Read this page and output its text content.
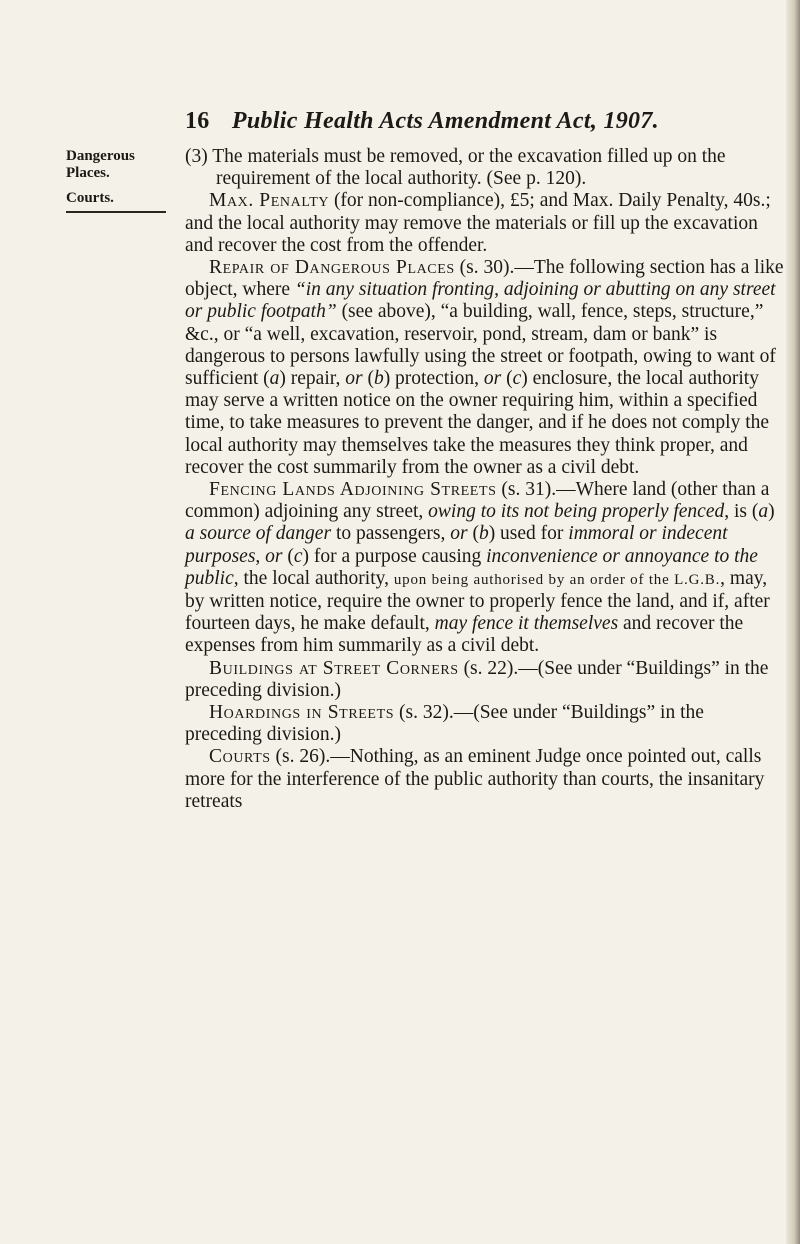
16 Public Health Acts Amendment Act, 1907.
Dangerous Places.
Courts.

(3) The materials must be removed, or the excavation filled up on the requirement of the local authority. (See p. 120).

Max. Penalty (for non-compliance), £5; and Max. Daily Penalty, 40s.; and the local authority may remove the materials or fill up the excavation and recover the cost from the offender.

Repair of Dangerous Places (s. 30).—The following section has a like object, where “in any situation fronting, adjoining or abutting on any street or public footpath” (see above), “a building, wall, fence, steps, structure,” &c., or “a well, excavation, reservoir, pond, stream, dam or bank” is dangerous to persons lawfully using the street or footpath, owing to want of sufficient (a) repair, or (b) protection, or (c) enclosure, the local authority may serve a written notice on the owner requiring him, within a specified time, to take measures to prevent the danger, and if he does not comply the local authority may themselves take the measures they think proper, and recover the cost summarily from the owner as a civil debt.

Fencing Lands Adjoining Streets (s. 31).—Where land (other than a common) adjoining any street, owing to its not being properly fenced, is (a) a source of danger to passengers, or (b) used for immoral or indecent purposes, or (c) for a purpose causing inconvenience or annoyance to the public, the local authority, upon being authorised by an order of the L.G.B., may, by written notice, require the owner to properly fence the land, and if, after fourteen days, he make default, may fence it themselves and recover the expenses from him summarily as a civil debt.

Buildings at Street Corners (s. 22).—(See under “Buildings” in the preceding division.)

Hoardings in Streets (s. 32).—(See under “Buildings” in the preceding division.)

Courts (s. 26).—Nothing, as an eminent Judge once pointed out, calls more for the interference of the public authority than courts, the insanitary retreats
